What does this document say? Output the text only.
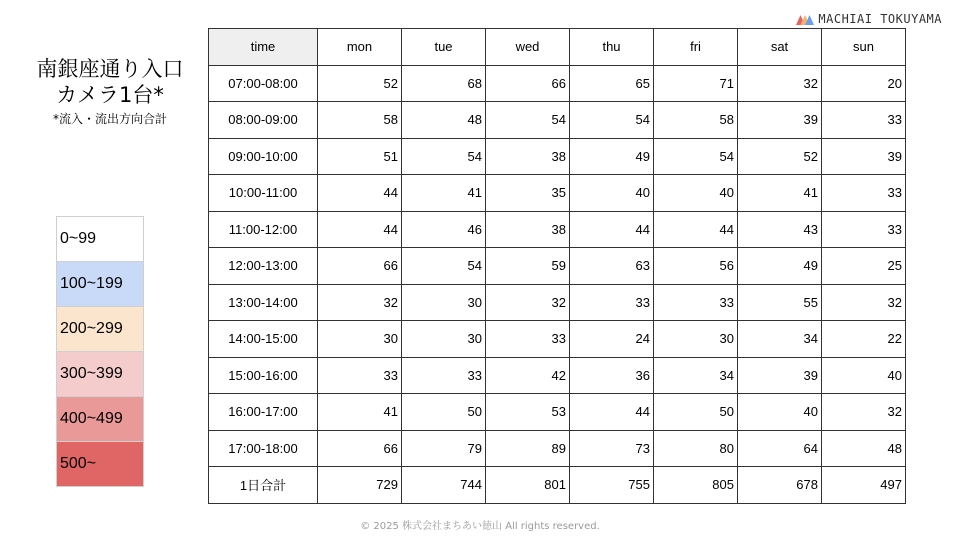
MACHIAI TOKUYAMA
南銀座通り入口
カメラ1台*
*流入・流出方向合計
0~99
100~199
200~299
300~399
400~499
500~
time	mon	tue	wed	thu	fri	sat	sun
07:00-08:00	52	68	66	65	71	32	20
08:00-09:00	58	48	54	54	58	39	33
09:00-10:00	51	54	38	49	54	52	39
10:00-11:00	44	41	35	40	40	41	33
11:00-12:00	44	46	38	44	44	43	33
12:00-13:00	66	54	59	63	56	49	25
13:00-14:00	32	30	32	33	33	55	32
14:00-15:00	30	30	33	24	30	34	22
15:00-16:00	33	33	42	36	34	39	40
16:00-17:00	41	50	53	44	50	40	32
17:00-18:00	66	79	89	73	80	64	48
1日合計	729	744	801	755	805	678	497
© 2025 株式会社まちあい徳山 All rights reserved.
